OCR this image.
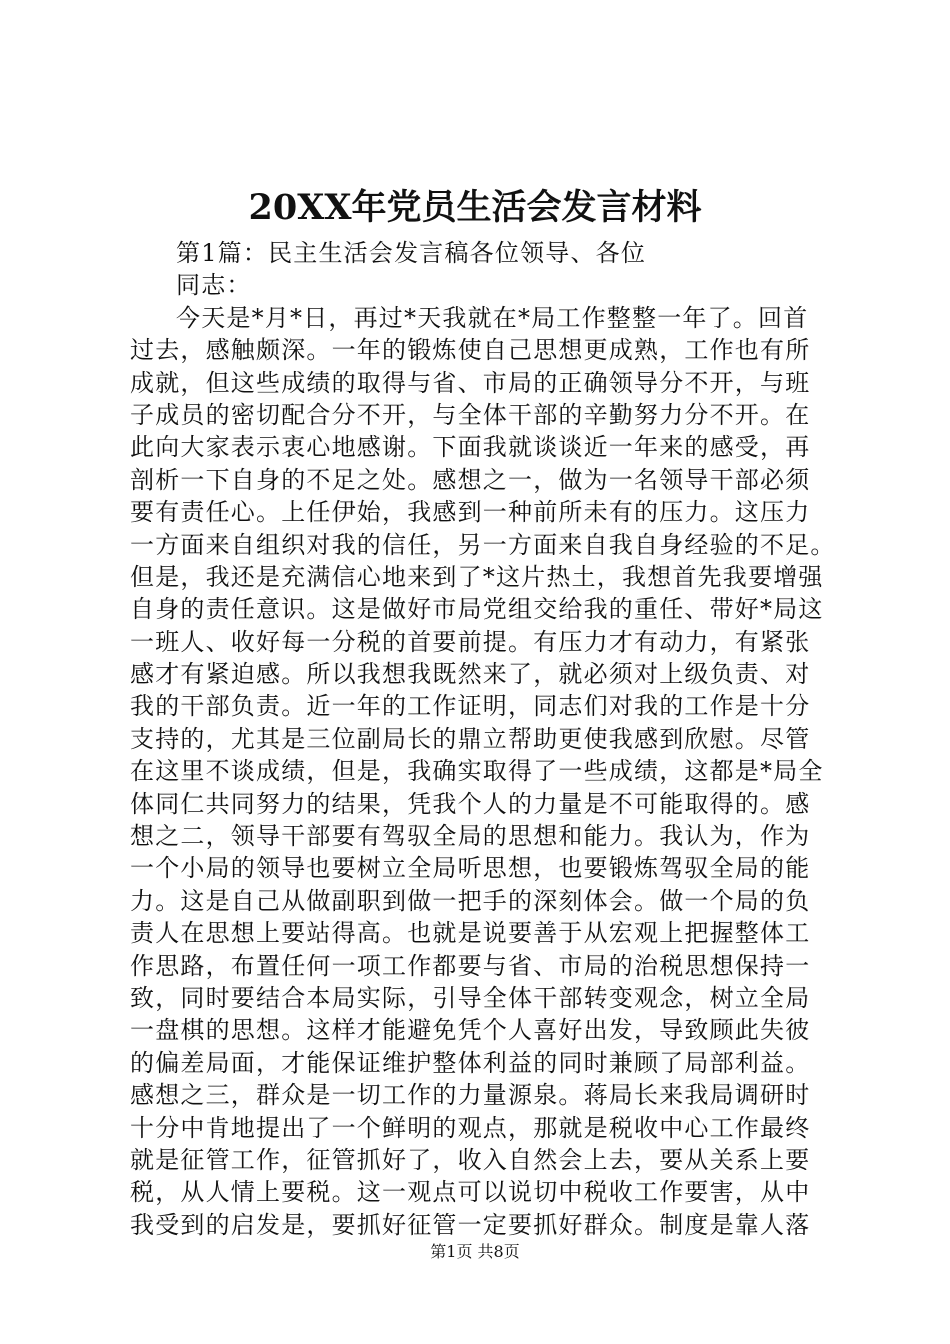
20XX年党员生活会发言材料
第1篇：民主生活会发言稿各位领导、各位
同志：
今天是*月*日，再过*天我就在*局工作整整一年了。回首
过去，感触颇深。一年的锻炼使自己思想更成熟，工作也有所
成就，但这些成绩的取得与省、市局的正确领导分不开，与班
子成员的密切配合分不开，与全体干部的辛勤努力分不开。在
此向大家表示衷心地感谢。下面我就谈谈近一年来的感受，再
剖析一下自身的不足之处。感想之一，做为一名领导干部必须
要有责任心。上任伊始，我感到一种前所未有的压力。这压力
一方面来自组织对我的信任，另一方面来自我自身经验的不足。
但是，我还是充满信心地来到了*这片热土，我想首先我要增强
自身的责任意识。这是做好市局党组交给我的重任、带好*局这
一班人、收好每一分税的首要前提。有压力才有动力，有紧张
感才有紧迫感。所以我想我既然来了，就必须对上级负责、对
我的干部负责。近一年的工作证明，同志们对我的工作是十分
支持的，尤其是三位副局长的鼎立帮助更使我感到欣慰。尽管
在这里不谈成绩，但是，我确实取得了一些成绩，这都是*局全
体同仁共同努力的结果，凭我个人的力量是不可能取得的。感
想之二，领导干部要有驾驭全局的思想和能力。我认为，作为
一个小局的领导也要树立全局听思想，也要锻炼驾驭全局的能
力。这是自己从做副职到做一把手的深刻体会。做一个局的负
责人在思想上要站得高。也就是说要善于从宏观上把握整体工
作思路，布置任何一项工作都要与省、市局的治税思想保持一
致，同时要结合本局实际，引导全体干部转变观念，树立全局
一盘棋的思想。这样才能避免凭个人喜好出发，导致顾此失彼
的偏差局面，才能保证维护整体利益的同时兼顾了局部利益。
感想之三，群众是一切工作的力量源泉。蒋局长来我局调研时
十分中肯地提出了一个鲜明的观点，那就是税收中心工作最终
就是征管工作，征管抓好了，收入自然会上去，要从关系上要
税，从人情上要税。这一观点可以说切中税收工作要害，从中
我受到的启发是，要抓好征管一定要抓好群众。制度是靠人落
第1页 共8页
